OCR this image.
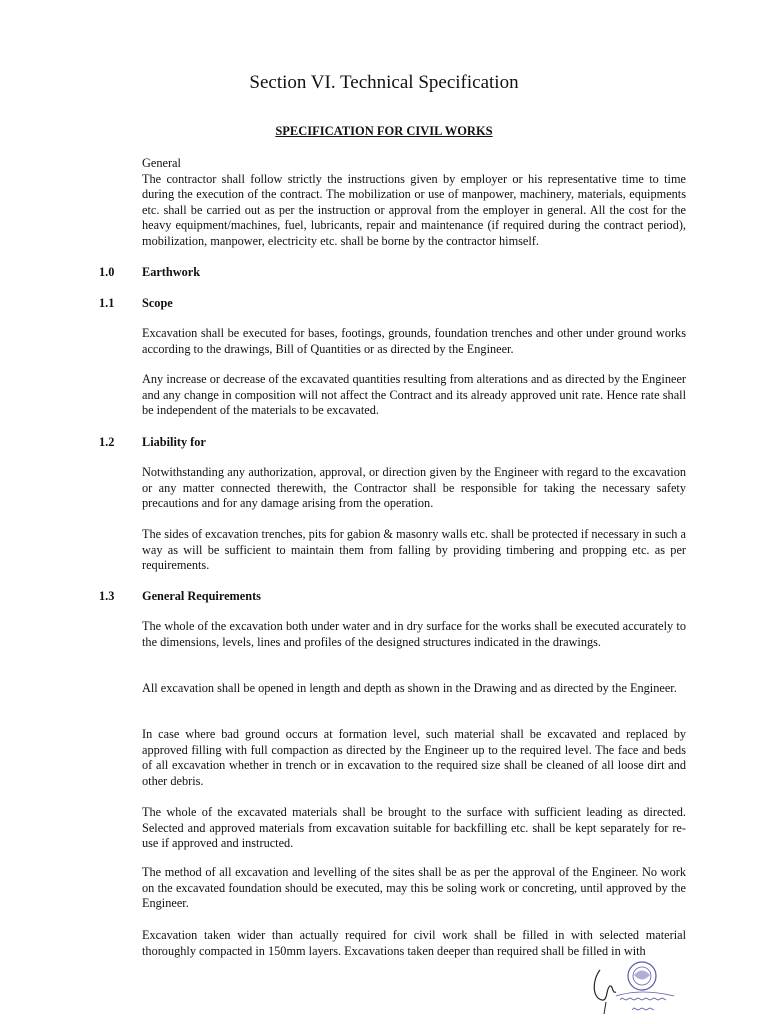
Section VI. Technical Specification
SPECIFICATION FOR CIVIL WORKS
General
The contractor shall follow strictly the instructions given by employer or his representative time to time during the execution of the contract. The mobilization or use of manpower, machinery, materials, equipments etc. shall be carried out as per the instruction or approval from the employer in general. All the cost for the heavy equipment/machines, fuel, lubricants, repair and maintenance (if required during the contract period), mobilization, manpower, electricity etc. shall be borne by the contractor himself.
1.0 Earthwork
1.1 Scope

Excavation shall be executed for bases, footings, grounds, foundation trenches and other under ground works according to the drawings, Bill of Quantities or as directed by the Engineer.

Any increase or decrease of the excavated quantities resulting from alterations and as directed by the Engineer and any change in composition will not affect the Contract and its already approved unit rate. Hence rate shall be independent of the materials to be excavated.

1.2 Liability for

Notwithstanding any authorization, approval, or direction given by the Engineer with regard to the excavation or any matter connected therewith, the Contractor shall be responsible for taking the necessary safety precautions and for any damage arising from the operation.

The sides of excavation trenches, pits for gabion & masonry walls etc. shall be protected if necessary in such a way as will be sufficient to maintain them from falling by providing timbering and propping etc. as per requirements.

1.3 General Requirements

The whole of the excavation both under water and in dry surface for the works shall be executed accurately to the dimensions, levels, lines and profiles of the designed structures indicated in the drawings.

All excavation shall be opened in length and depth as shown in the Drawing and as directed by the Engineer.

In case where bad ground occurs at formation level, such material shall be excavated and replaced by approved filling with full compaction as directed by the Engineer up to the required level. The face and beds of all excavation whether in trench or in excavation to the required size shall be cleaned of all loose dirt and other debris.

The whole of the excavated materials shall be brought to the surface with sufficient leading as directed. Selected and approved materials from excavation suitable for backfilling etc. shall be kept separately for re-use if approved and instructed.

The method of all excavation and levelling of the sites shall be as per the approval of the Engineer. No work on the excavated foundation should be executed, may this be soling work or concreting, until approved by the Engineer.

Excavation taken wider than actually required for civil work shall be filled in with selected material thoroughly compacted in 150mm layers. Excavations taken deeper than required shall be filled in with
